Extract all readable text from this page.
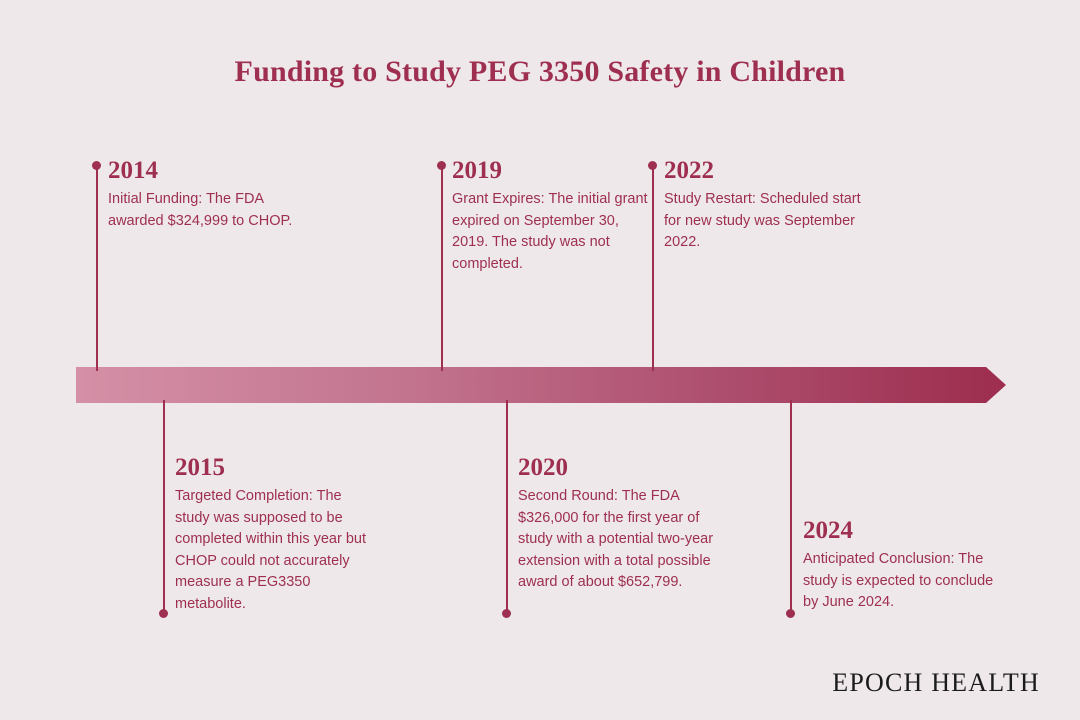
Funding to Study PEG 3350 Safety in Children
2014
Initial Funding: The FDA awarded $324,999 to CHOP.
2019
Grant Expires: The initial grant expired on September 30, 2019. The study was not completed.
2022
Study Restart: Scheduled start for new study was September 2022.
2015
Targeted Completion: The study was supposed to be completed within this year but CHOP could not accurately measure a PEG3350 metabolite.
2020
Second Round: The FDA $326,000 for the first year of study with a potential two-year extension with a total possible award of about $652,799.
2024
Anticipated Conclusion: The study is expected to conclude by June 2024.
EPOCH HEALTH
